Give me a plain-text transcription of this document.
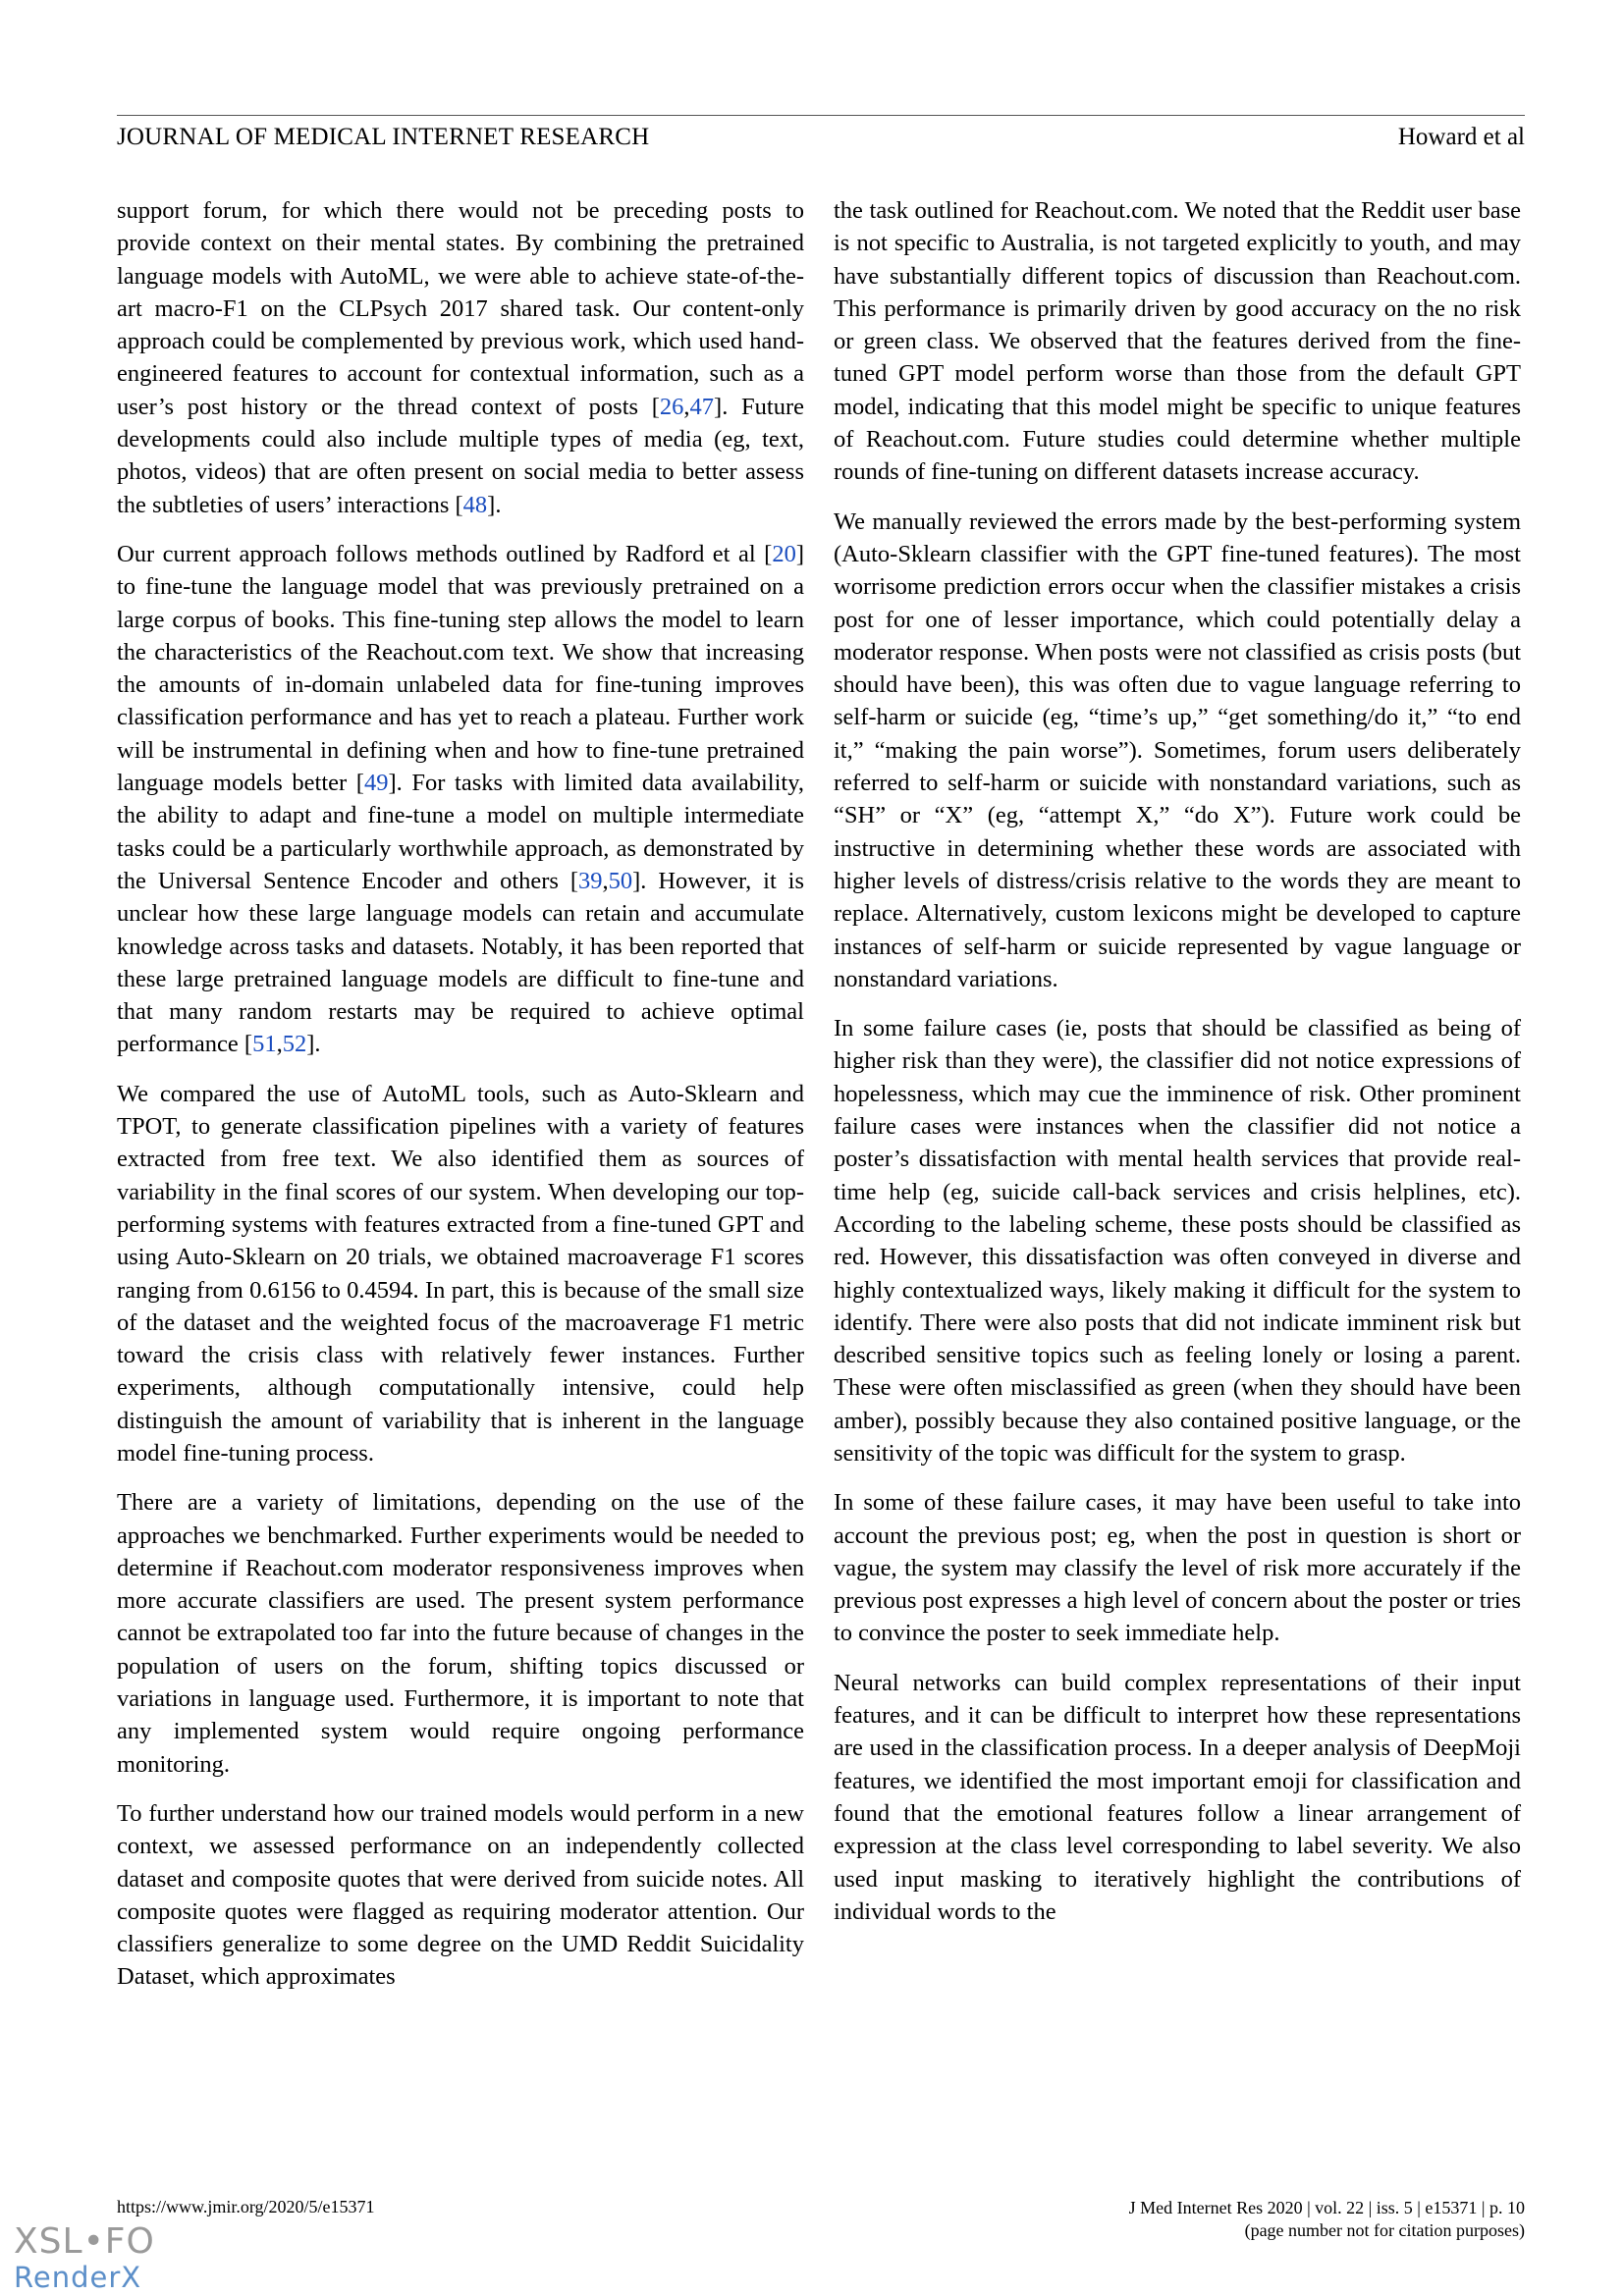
JOURNAL OF MEDICAL INTERNET RESEARCH	Howard et al

support forum, for which there would not be preceding posts to provide context on their mental states. By combining the pretrained language models with AutoML, we were able to achieve state-of-the-art macro-F1 on the CLPsych 2017 shared task. Our content-only approach could be complemented by previous work, which used hand-engineered features to account for contextual information, such as a user’s post history or the thread context of posts [26,47]. Future developments could also include multiple types of media (eg, text, photos, videos) that are often present on social media to better assess the subtleties of users’ interactions [48].

Our current approach follows methods outlined by Radford et al [20] to fine-tune the language model that was previously pretrained on a large corpus of books. This fine-tuning step allows the model to learn the characteristics of the Reachout.com text. We show that increasing the amounts of in-domain unlabeled data for fine-tuning improves classification performance and has yet to reach a plateau. Further work will be instrumental in defining when and how to fine-tune pretrained language models better [49]. For tasks with limited data availability, the ability to adapt and fine-tune a model on multiple intermediate tasks could be a particularly worthwhile approach, as demonstrated by the Universal Sentence Encoder and others [39,50]. However, it is unclear how these large language models can retain and accumulate knowledge across tasks and datasets. Notably, it has been reported that these large pretrained language models are difficult to fine-tune and that many random restarts may be required to achieve optimal performance [51,52].

We compared the use of AutoML tools, such as Auto-Sklearn and TPOT, to generate classification pipelines with a variety of features extracted from free text. We also identified them as sources of variability in the final scores of our system. When developing our top-performing systems with features extracted from a fine-tuned GPT and using Auto-Sklearn on 20 trials, we obtained macroaverage F1 scores ranging from 0.6156 to 0.4594. In part, this is because of the small size of the dataset and the weighted focus of the macroaverage F1 metric toward the crisis class with relatively fewer instances. Further experiments, although computationally intensive, could help distinguish the amount of variability that is inherent in the language model fine-tuning process.

There are a variety of limitations, depending on the use of the approaches we benchmarked. Further experiments would be needed to determine if Reachout.com moderator responsiveness improves when more accurate classifiers are used. The present system performance cannot be extrapolated too far into the future because of changes in the population of users on the forum, shifting topics discussed or variations in language used. Furthermore, it is important to note that any implemented system would require ongoing performance monitoring.

To further understand how our trained models would perform in a new context, we assessed performance on an independently collected dataset and composite quotes that were derived from suicide notes. All composite quotes were flagged as requiring moderator attention. Our classifiers generalize to some degree on the UMD Reddit Suicidality Dataset, which approximates

the task outlined for Reachout.com. We noted that the Reddit user base is not specific to Australia, is not targeted explicitly to youth, and may have substantially different topics of discussion than Reachout.com. This performance is primarily driven by good accuracy on the no risk or green class. We observed that the features derived from the fine-tuned GPT model perform worse than those from the default GPT model, indicating that this model might be specific to unique features of Reachout.com. Future studies could determine whether multiple rounds of fine-tuning on different datasets increase accuracy.

We manually reviewed the errors made by the best-performing system (Auto-Sklearn classifier with the GPT fine-tuned features). The most worrisome prediction errors occur when the classifier mistakes a crisis post for one of lesser importance, which could potentially delay a moderator response. When posts were not classified as crisis posts (but should have been), this was often due to vague language referring to self-harm or suicide (eg, “time’s up,” “get something/do it,” “to end it,” “making the pain worse”). Sometimes, forum users deliberately referred to self-harm or suicide with nonstandard variations, such as “SH” or “X” (eg, “attempt X,” “do X”). Future work could be instructive in determining whether these words are associated with higher levels of distress/crisis relative to the words they are meant to replace. Alternatively, custom lexicons might be developed to capture instances of self-harm or suicide represented by vague language or nonstandard variations.

In some failure cases (ie, posts that should be classified as being of higher risk than they were), the classifier did not notice expressions of hopelessness, which may cue the imminence of risk. Other prominent failure cases were instances when the classifier did not notice a poster’s dissatisfaction with mental health services that provide real-time help (eg, suicide call-back services and crisis helplines, etc). According to the labeling scheme, these posts should be classified as red. However, this dissatisfaction was often conveyed in diverse and highly contextualized ways, likely making it difficult for the system to identify. There were also posts that did not indicate imminent risk but described sensitive topics such as feeling lonely or losing a parent. These were often misclassified as green (when they should have been amber), possibly because they also contained positive language, or the sensitivity of the topic was difficult for the system to grasp.

In some of these failure cases, it may have been useful to take into account the previous post; eg, when the post in question is short or vague, the system may classify the level of risk more accurately if the previous post expresses a high level of concern about the poster or tries to convince the poster to seek immediate help.

Neural networks can build complex representations of their input features, and it can be difficult to interpret how these representations are used in the classification process. In a deeper analysis of DeepMoji features, we identified the most important emoji for classification and found that the emotional features follow a linear arrangement of expression at the class level corresponding to label severity. We also used input masking to iteratively highlight the contributions of individual words to the

https://www.jmir.org/2020/5/e15371	J Med Internet Res 2020 | vol. 22 | iss. 5 | e15371 | p. 10
(page number not for citation purposes)
XSL•FO
RenderX
